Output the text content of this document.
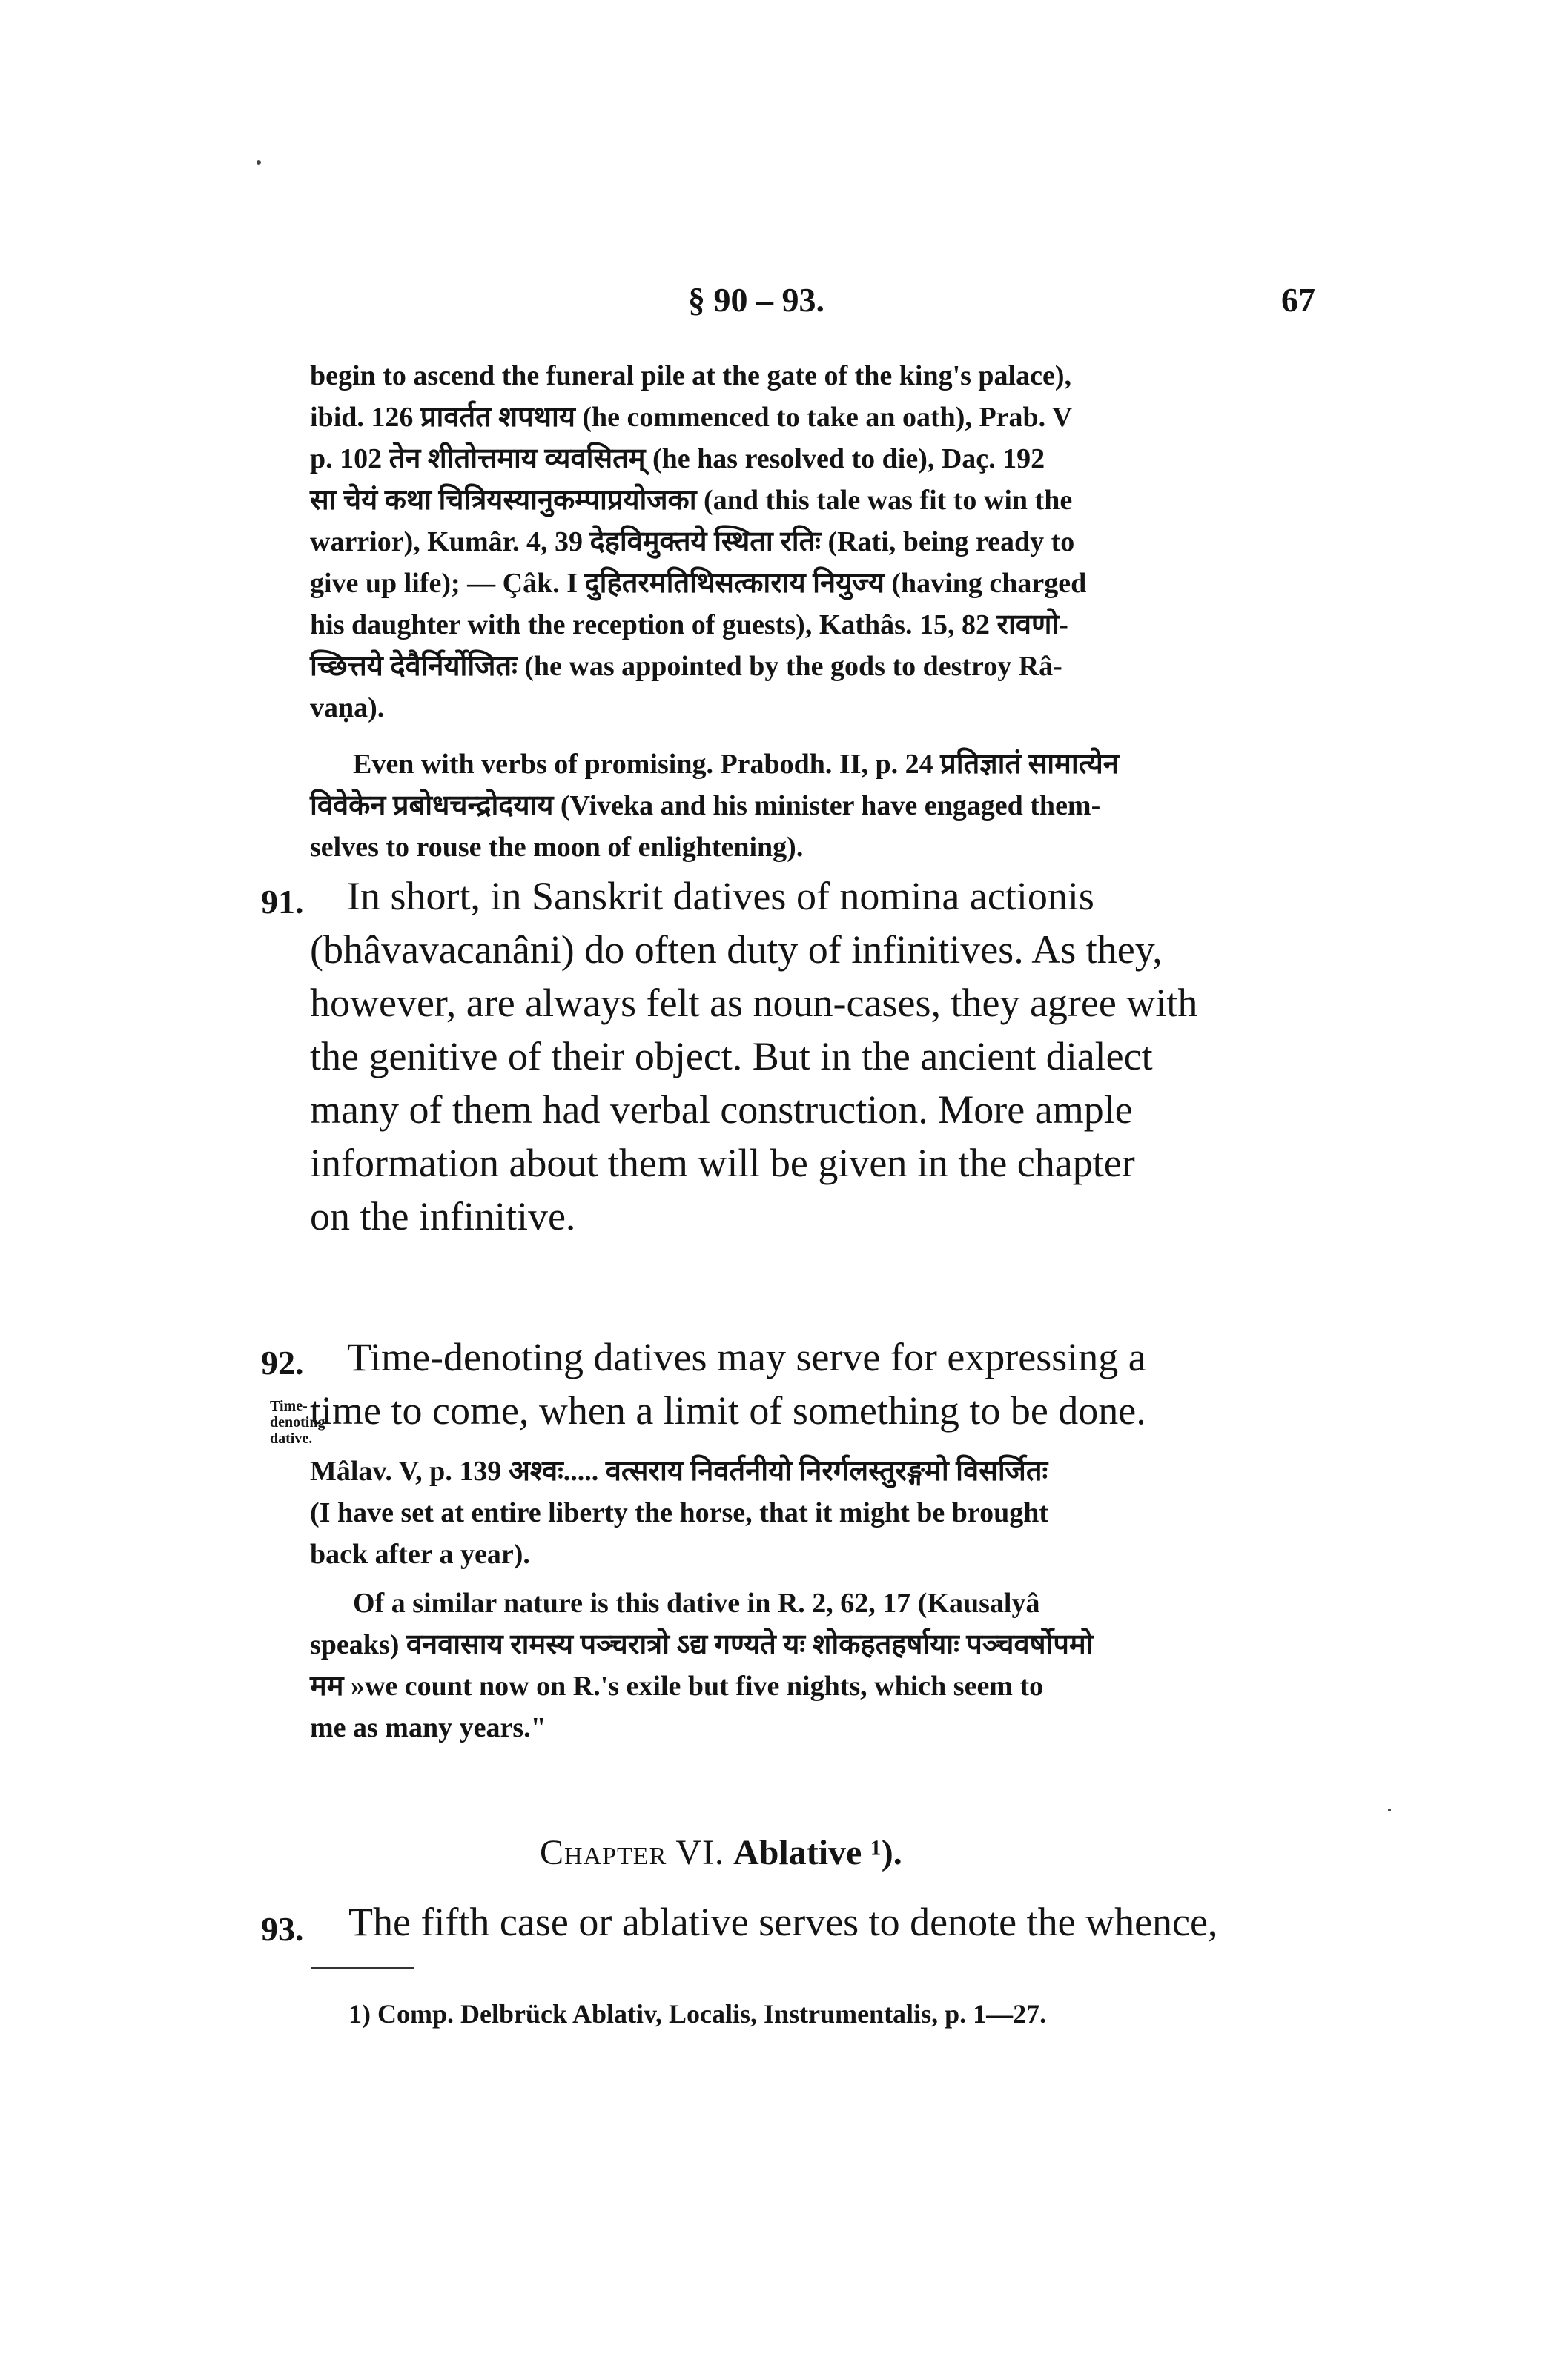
§ 90 – 93.	67
begin to ascend the funeral pile at the gate of the king's palace),
ibid. 126 प्रावर्तत शपथाय (he commenced to take an oath), Prab. V
p. 102 तेन शीतोत्तमाय व्यवसितम् (he has resolved to die), Daç. 192
सा चेयं कथा चित्रियस्यानुकम्पाप्रयोजका (and this tale was fit to win the
warrior), Kumâr. 4, 39 देहविमुक्तये स्थिता रतिः (Rati, being ready to
give up life); — Çâk. I दुहितरमतिथिसत्काराय नियुज्य (having charged
his daughter with the reception of guests), Kathâs. 15, 82 रावणो-
च्छित्तये देवैर्निर्योजितः (he was appointed by the gods to destroy Râ-
vaṇa).
Even with verbs of promising. Prabodh. II, p. 24 प्रतिज्ञातं सामात्येन
विवेकेन प्रबोधचन्द्रोदयाय (Viveka and his minister have engaged them-
selves to rouse the moon of enlightening).
91. In short, in Sanskrit datives of nomina actionis
(bhâvavacanâni) do often duty of infinitives. As they,
however, are always felt as noun-cases, they agree with
the genitive of their object. But in the ancient dialect
many of them had verbal construction. More ample
information about them will be given in the chapter
on the infinitive.
92.
Time-
denoting
dative.
Time-denoting datives may serve for expressing a
time to come, when a limit of something to be done.
Mâlav. V, p. 139 अश्वः..... वत्सराय निवर्तनीयो निरर्गलस्तुरङ्गमो विसर्जितः
(I have set at entire liberty the horse, that it might be brought
back after a year).
Of a similar nature is this dative in R. 2, 62, 17 (Kausalyâ
speaks) वनवासाय रामस्य पञ्चरात्रो ऽद्य गण्यते यः शोकहतहर्षायाः पञ्चवर्षोपमो
मम »we count now on R.'s exile but five nights, which seem to
me as many years."
Chapter VI. Ablative ¹).
93. The fifth case or ablative serves to denote the whence,
1) Comp. Delbrück Ablativ, Localis, Instrumentalis, p. 1—27.
